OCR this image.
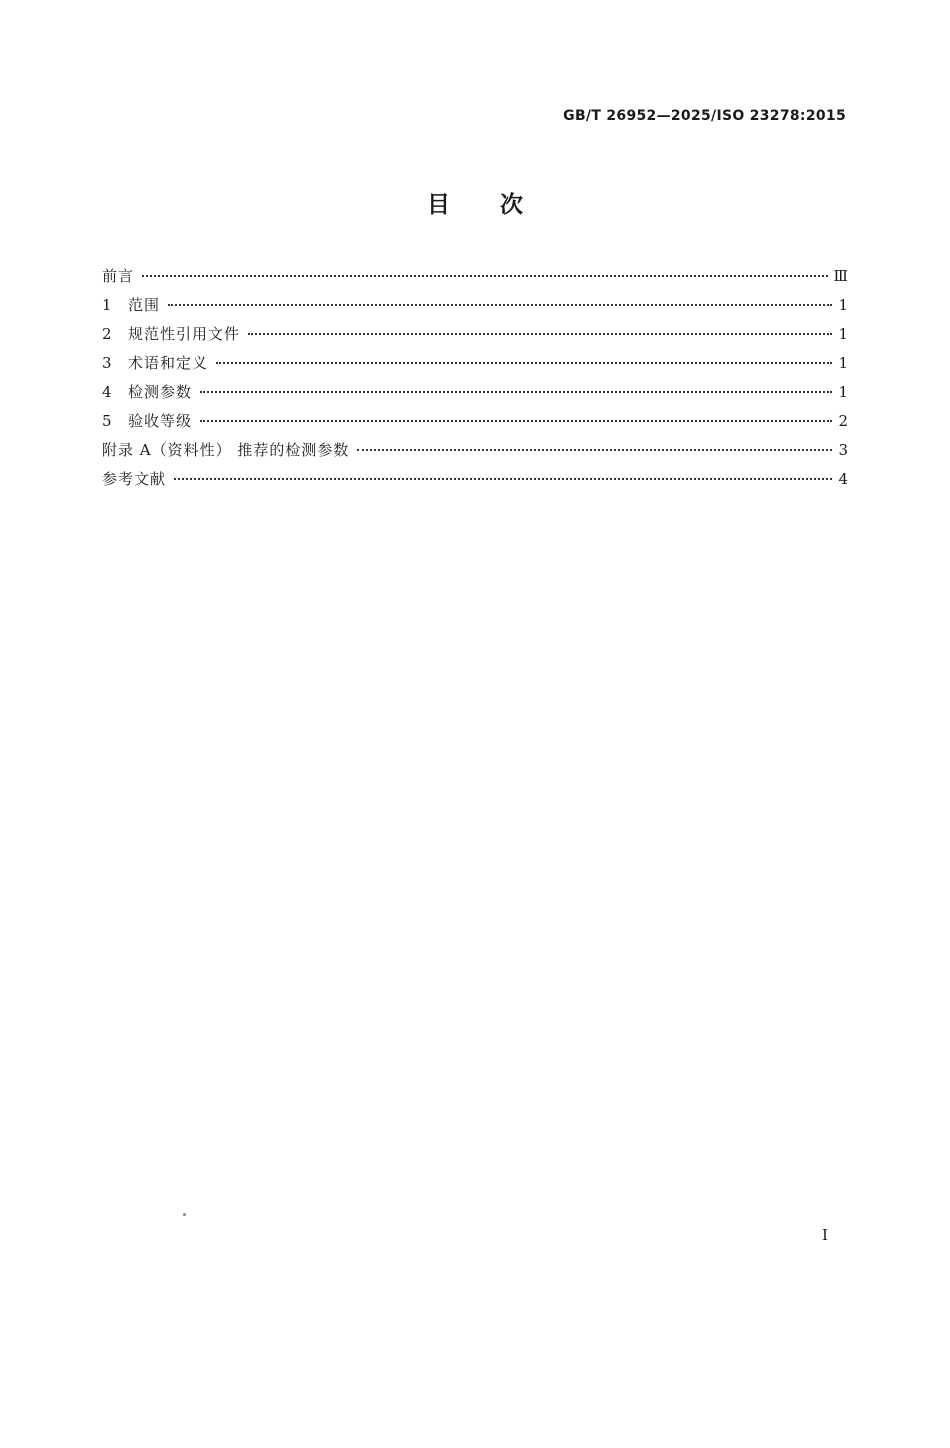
GB/T 26952—2025/ISO 23278:2015
目 次
前言	Ⅲ
1	范围	1
2	规范性引用文件	1
3	术语和定义	1
4	检测参数	1
5	验收等级	2
附录 A（资料性） 推荐的检测参数	3
参考文献	4
I
